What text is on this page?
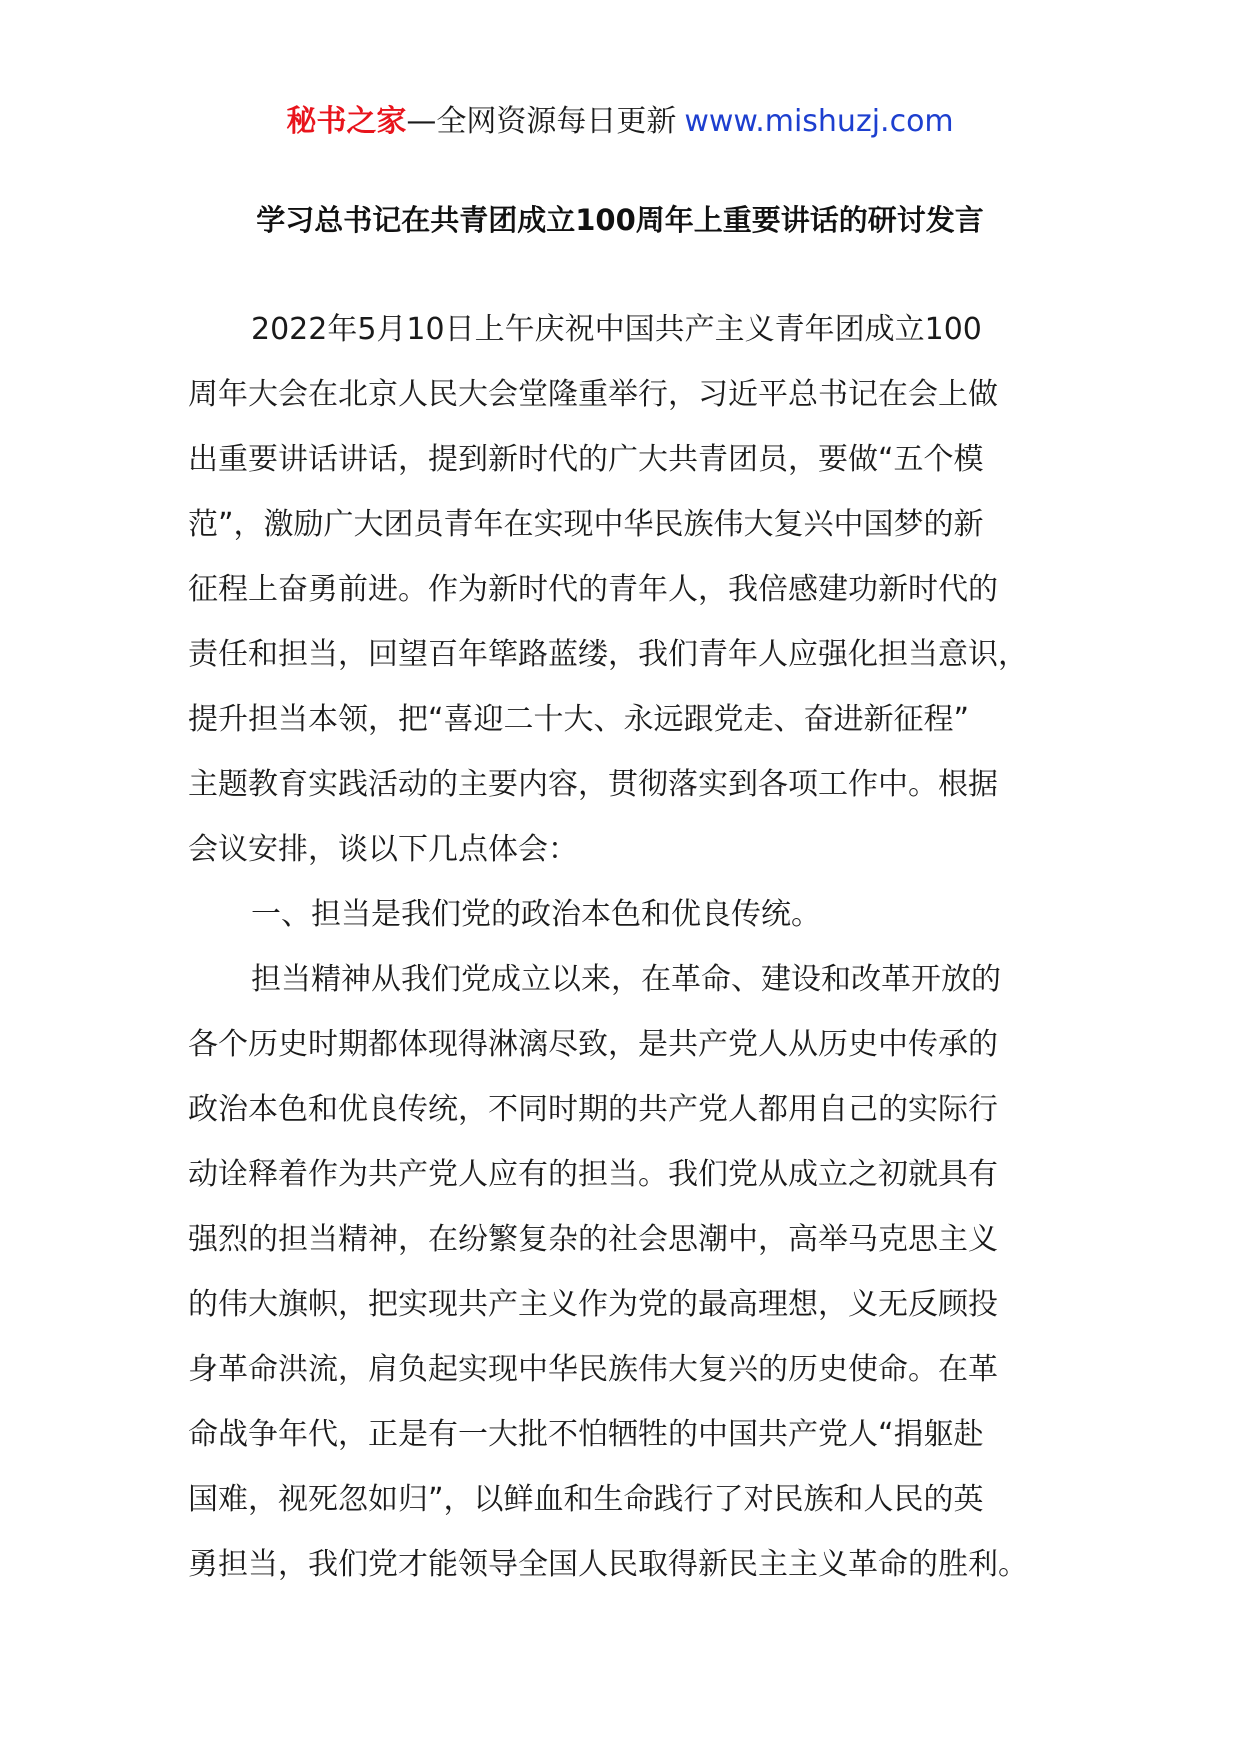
秘书之家—全网资源每日更新 www.mishuzj.com
学习总书记在共青团成立100周年上重要讲话的研讨发言
2022年5月10日上午庆祝中国共产主义青年团成立100
周年大会在北京人民大会堂隆重举行，习近平总书记在会上做
出重要讲话讲话，提到新时代的广大共青团员，要做“五个模
范”，激励广大团员青年在实现中华民族伟大复兴中国梦的新
征程上奋勇前进。作为新时代的青年人，我倍感建功新时代的
责任和担当，回望百年筚路蓝缕，我们青年人应强化担当意识，
提升担当本领，把“喜迎二十大、永远跟党走、奋进新征程”
主题教育实践活动的主要内容，贯彻落实到各项工作中。根据
会议安排，谈以下几点体会：
一、担当是我们党的政治本色和优良传统。
担当精神从我们党成立以来，在革命、建设和改革开放的
各个历史时期都体现得淋漓尽致，是共产党人从历史中传承的
政治本色和优良传统，不同时期的共产党人都用自己的实际行
动诠释着作为共产党人应有的担当。我们党从成立之初就具有
强烈的担当精神，在纷繁复杂的社会思潮中，高举马克思主义
的伟大旗帜，把实现共产主义作为党的最高理想，义无反顾投
身革命洪流，肩负起实现中华民族伟大复兴的历史使命。在革
命战争年代，正是有一大批不怕牺牲的中国共产党人“捐躯赴
国难，视死忽如归”，以鲜血和生命践行了对民族和人民的英
勇担当，我们党才能领导全国人民取得新民主主义革命的胜利。
